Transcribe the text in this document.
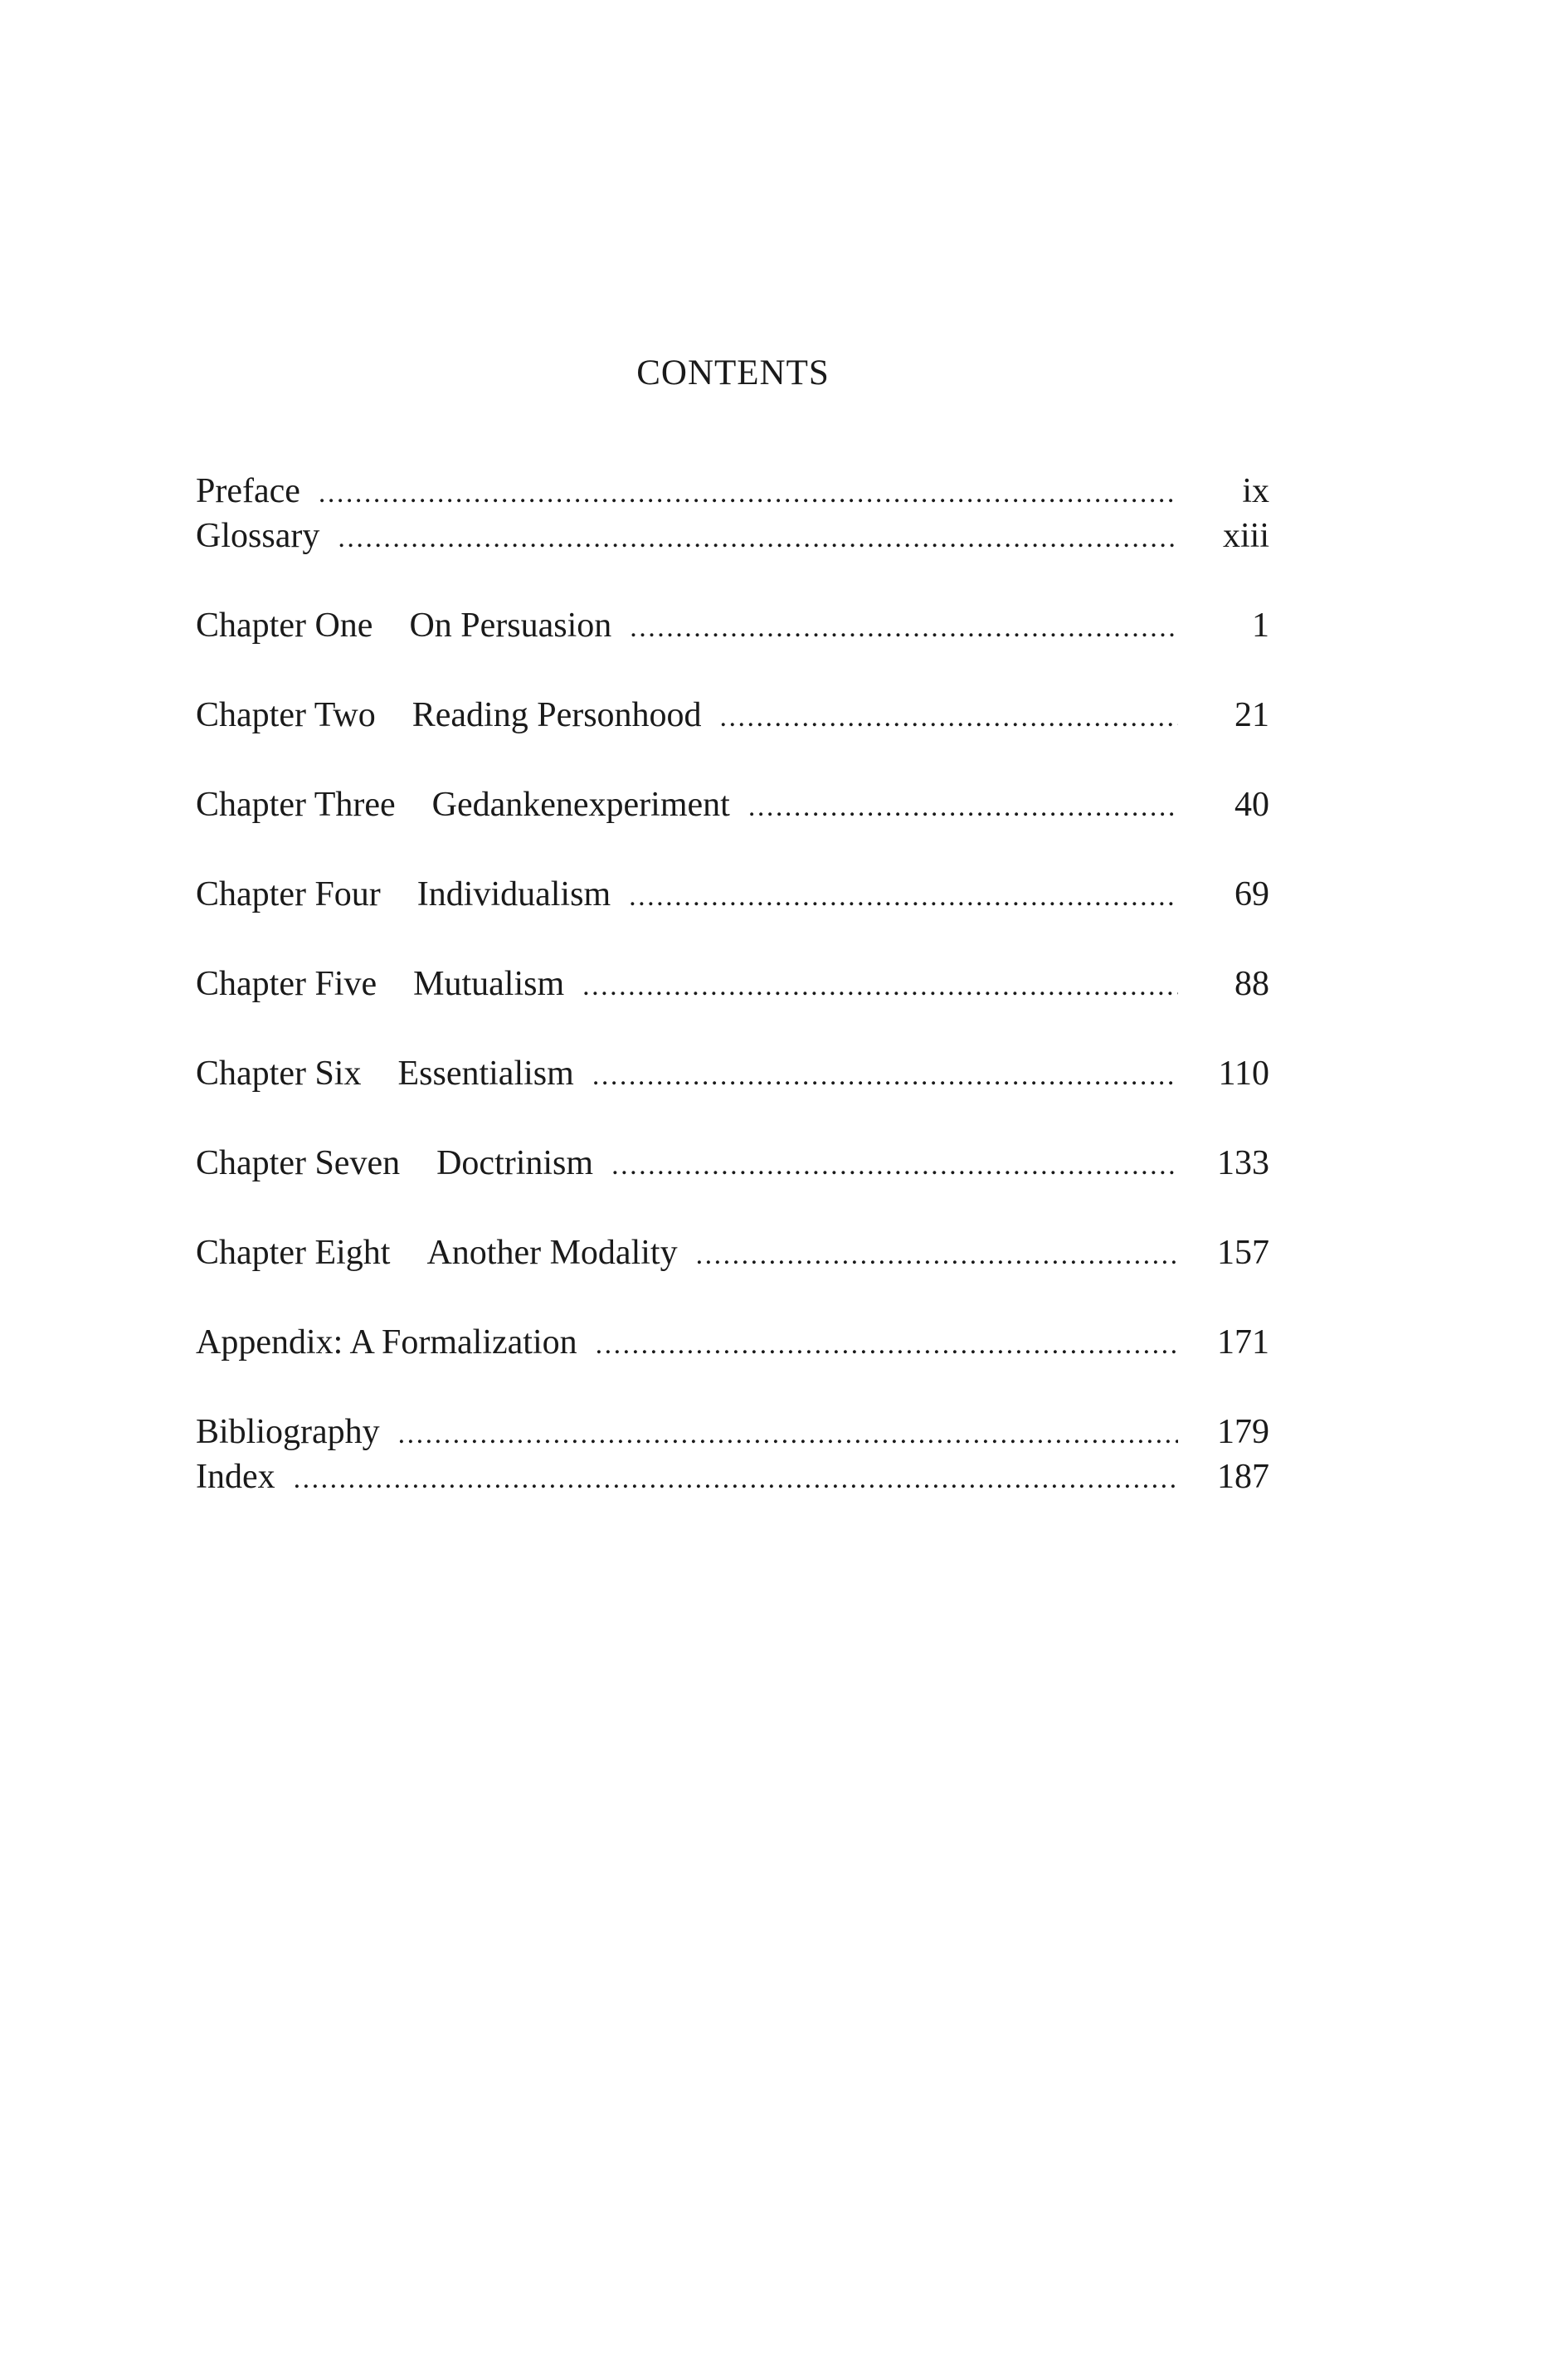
CONTENTS
Preface .....	ix
Glossary .....	xiii
Chapter One On Persuasion .....	1
Chapter Two Reading Personhood .....	21
Chapter Three Gedankenexperiment .....	40
Chapter Four Individualism .....	69
Chapter Five Mutualism .....	88
Chapter Six Essentialism .....	110
Chapter Seven Doctrinism .....	133
Chapter Eight Another Modality .....	157
Appendix: A Formalization .....	171
Bibliography .....	179
Index .....	187
